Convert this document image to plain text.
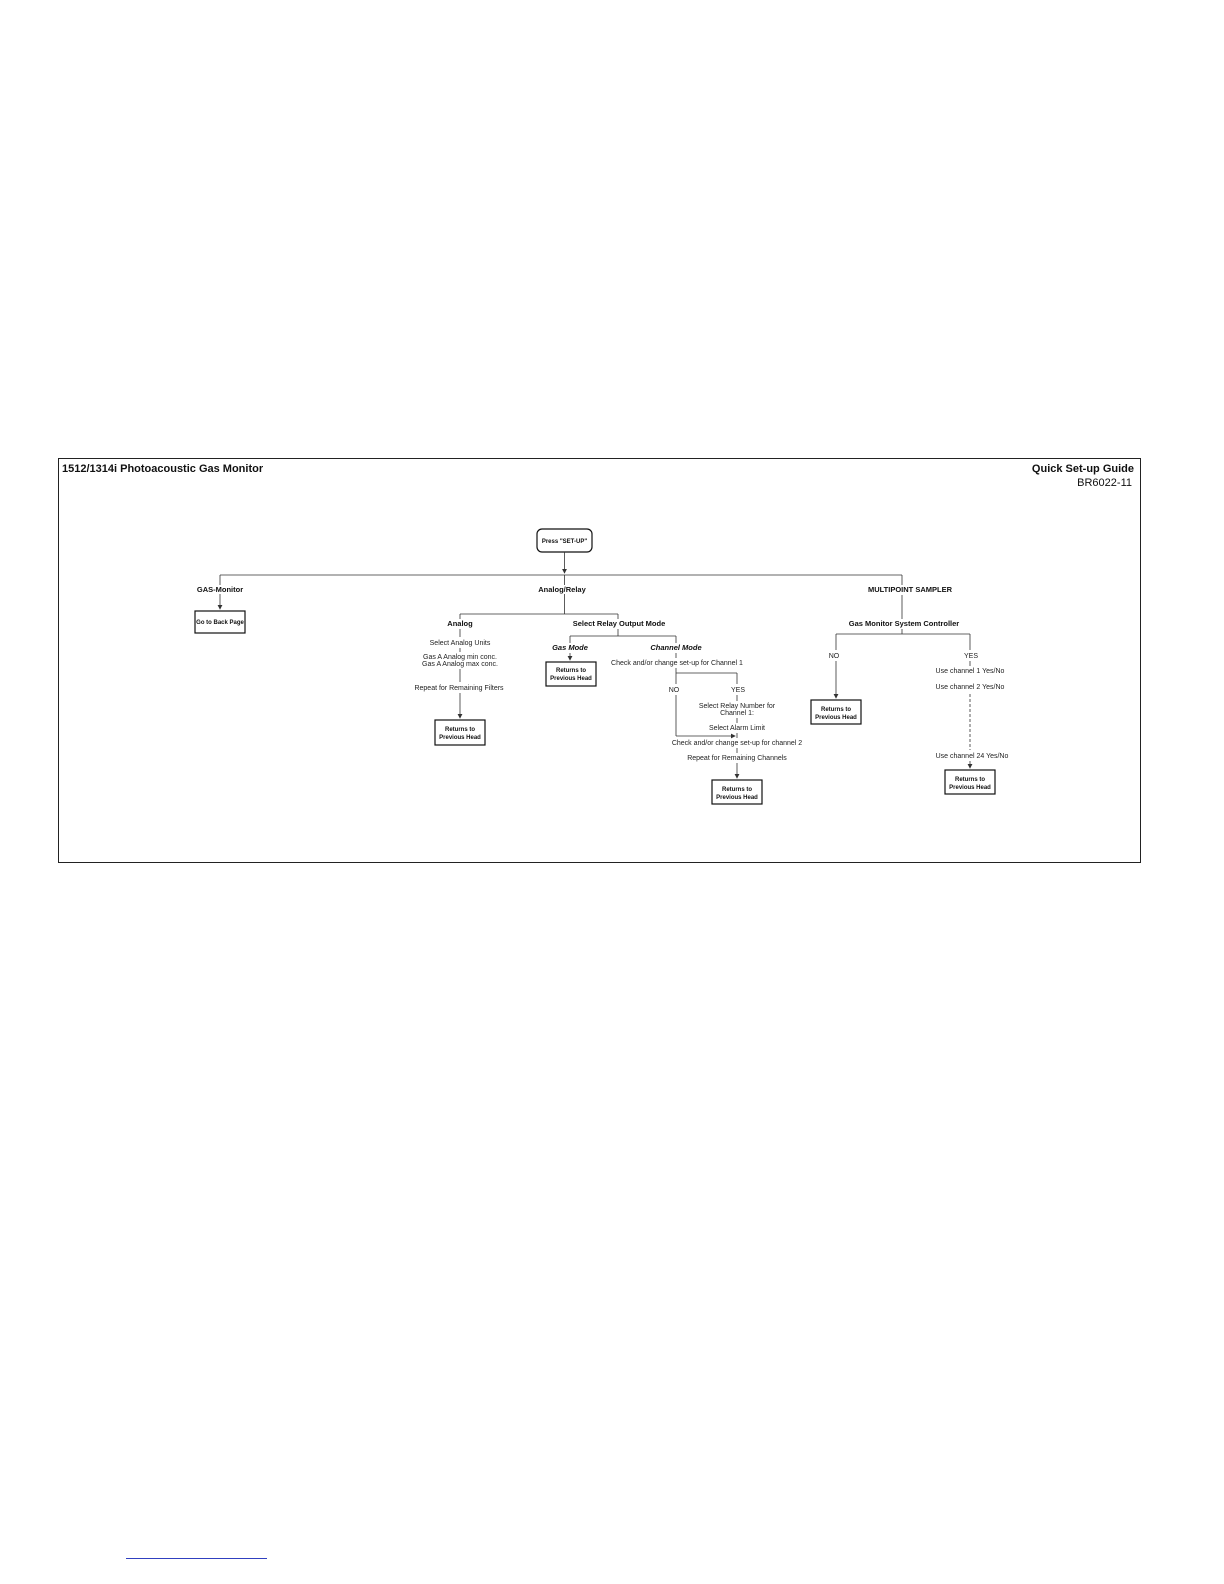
1512/1314i Photoacoustic Gas Monitor	Quick Set-up Guide
BR6022-11
Press "SET-UP"
GAS-Monitor
Go to Back Page
Analog/Relay
Analog
Select Analog Units
Gas A Analog min conc.
Gas A Analog max conc.
Repeat for Remaining Filters
Returns to
Previous Head
Select Relay Output Mode
Gas Mode
Returns to
Previous Head
Channel Mode
Check and/or change set-up for Channel 1
NO	YES
Select Relay Number for
Channel 1:
Select Alarm Limit
Check and/or change set-up for channel 2
Repeat for Remaining Channels
Returns to
Previous Head
MULTIPOINT SAMPLER
Gas Monitor System Controller
NO
Returns to
Previous Head
YES
Use channel 1 Yes/No
Use channel 2 Yes/No
Use channel 24 Yes/No
Returns to
Previous Head
